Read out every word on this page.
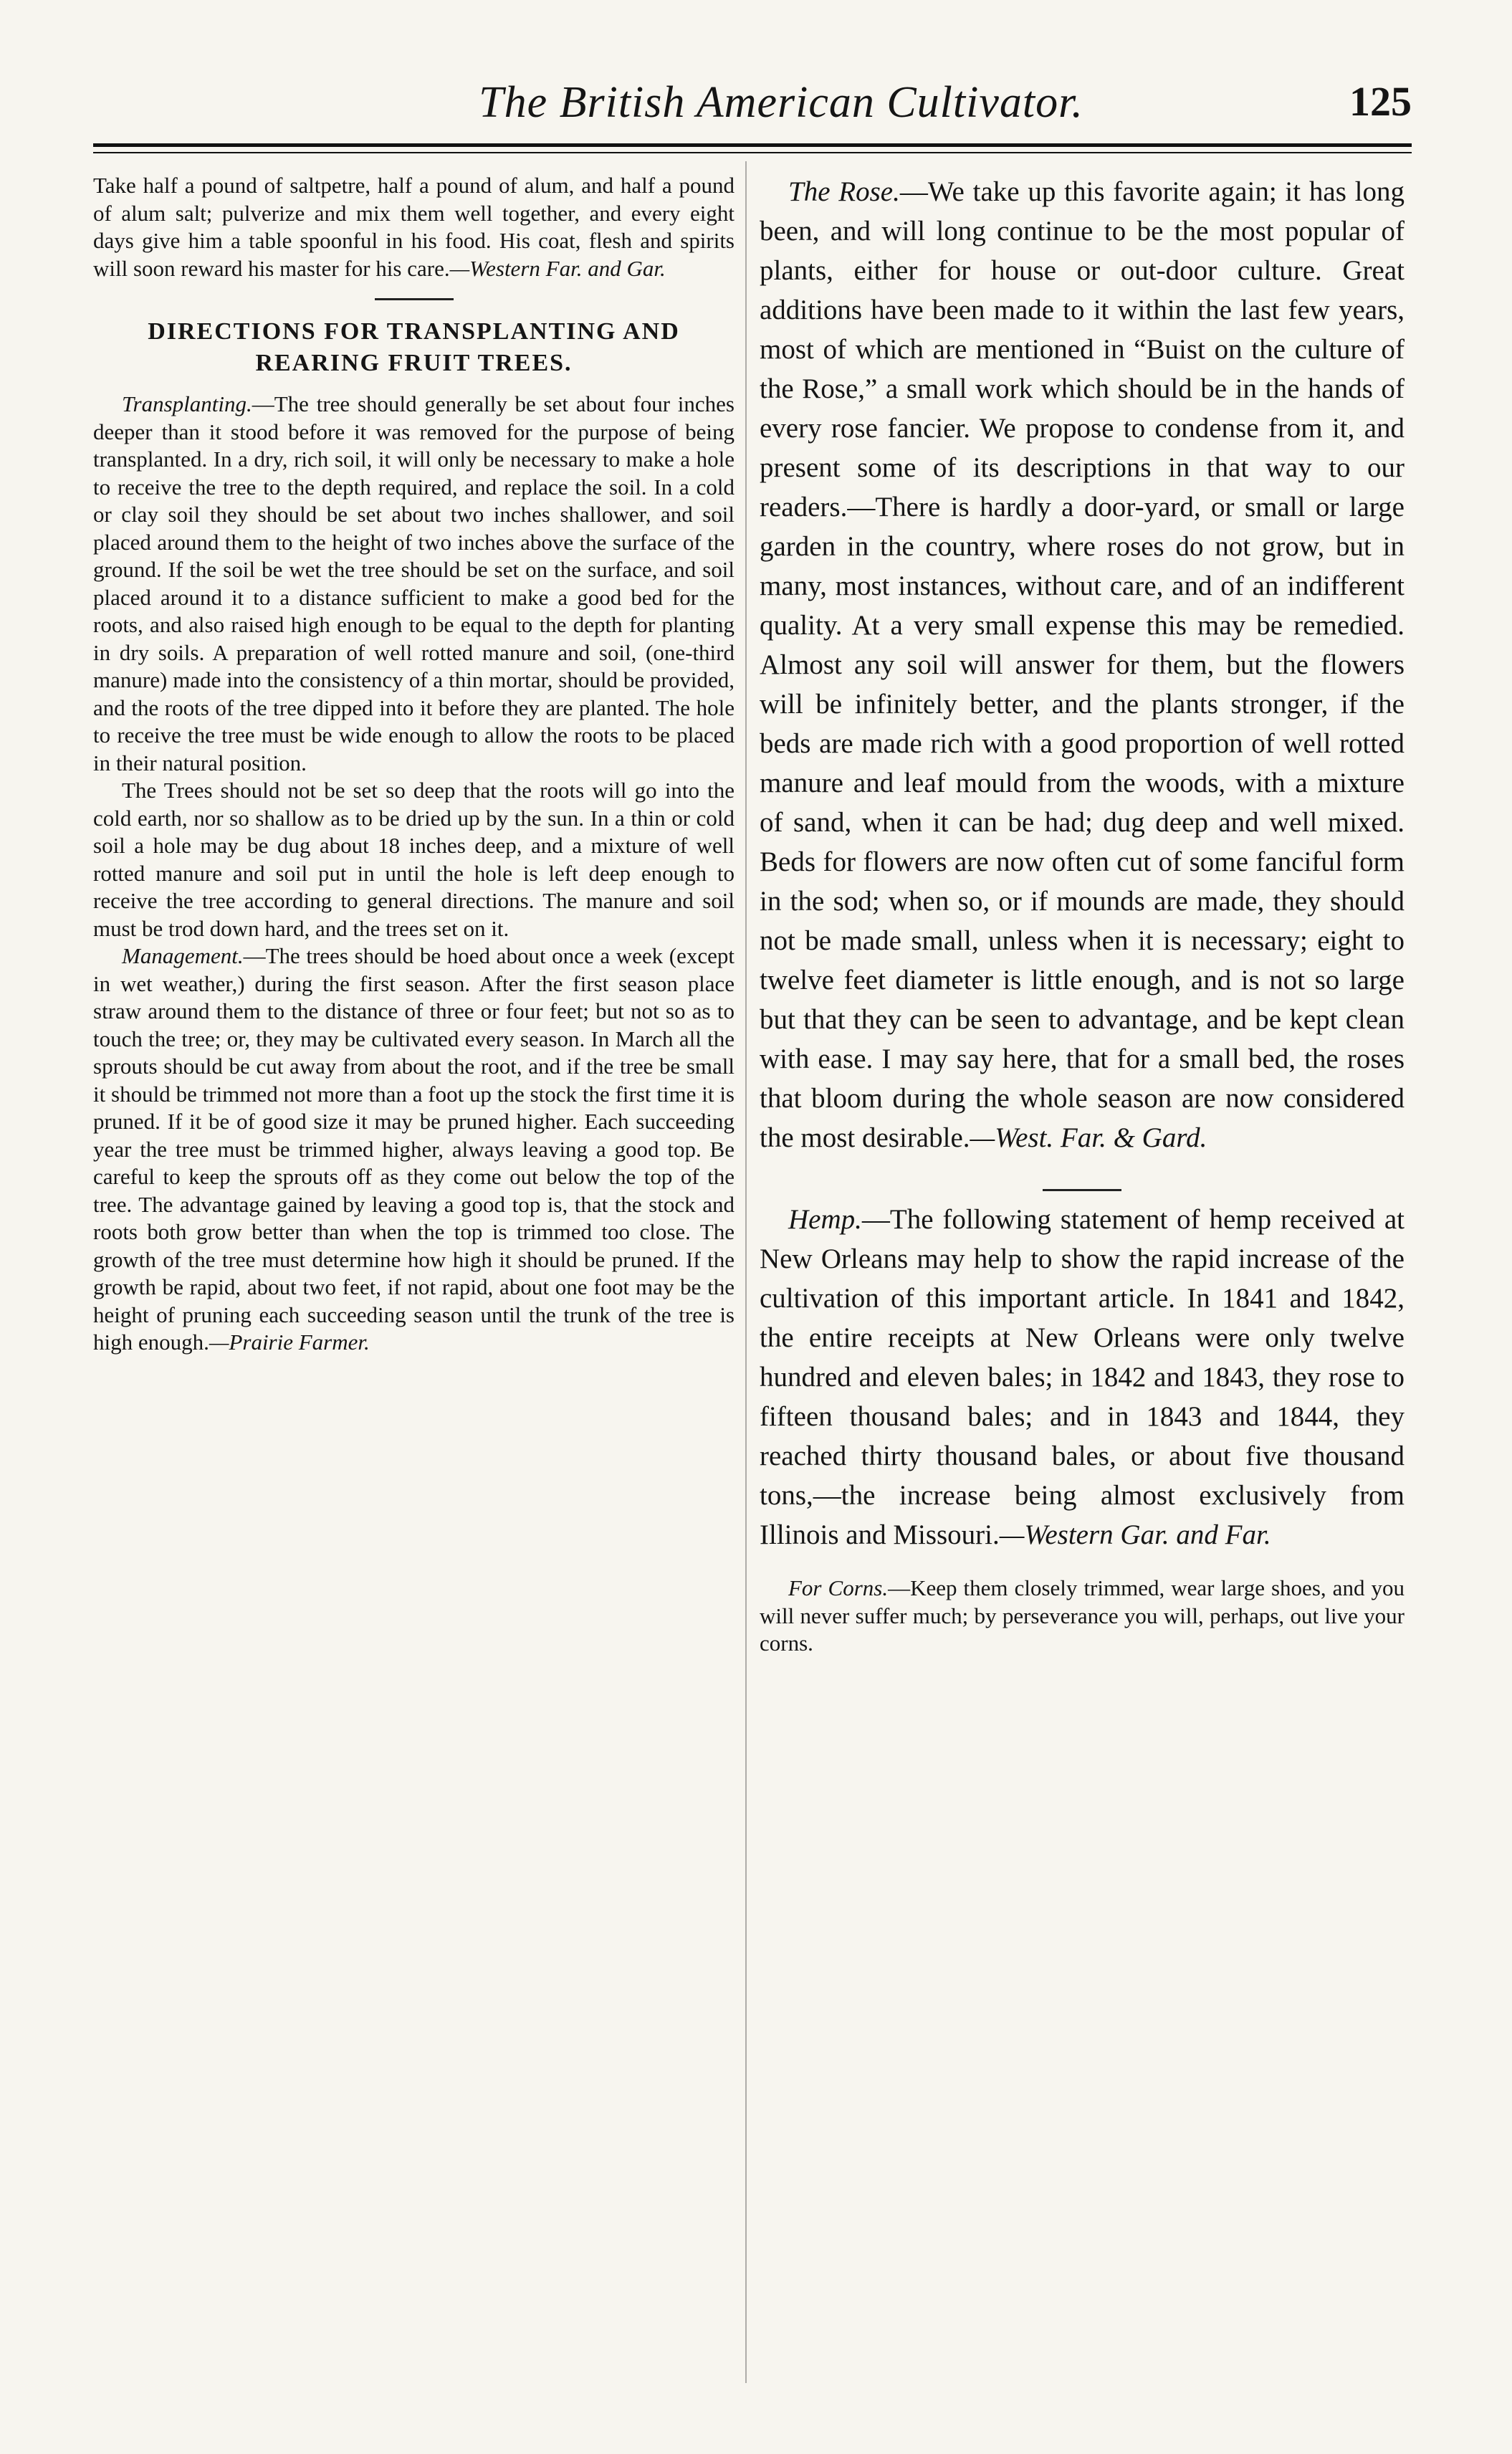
The British American Cultivator.	125

Take half a pound of saltpetre, half a pound of alum, and half a pound of alum salt; pulverize and mix them well together, and every eight days give him a table spoonful in his food. His coat, flesh and spirits will soon reward his master for his care.—Western Far. and Gar.

DIRECTIONS FOR TRANSPLANTING AND REARING FRUIT TREES.

Transplanting.—The tree should generally be set about four inches deeper than it stood before it was removed for the purpose of being transplanted. In a dry, rich soil, it will only be necessary to make a hole to receive the tree to the depth required, and replace the soil. In a cold or clay soil they should be set about two inches shallower, and soil placed around them to the height of two inches above the surface of the ground. If the soil be wet the tree should be set on the surface, and soil placed around it to a distance sufficient to make a good bed for the roots, and also raised high enough to be equal to the depth for planting in dry soils. A preparation of well rotted manure and soil, (one-third manure) made into the consistency of a thin mortar, should be provided, and the roots of the tree dipped into it before they are planted. The hole to receive the tree must be wide enough to allow the roots to be placed in their natural position.

The Trees should not be set so deep that the roots will go into the cold earth, nor so shallow as to be dried up by the sun. In a thin or cold soil a hole may be dug about 18 inches deep, and a mixture of well rotted manure and soil put in until the hole is left deep enough to receive the tree according to general directions. The manure and soil must be trod down hard, and the trees set on it.

Management.—The trees should be hoed about once a week (except in wet weather,) during the first season. After the first season place straw around them to the distance of three or four feet; but not so as to touch the tree; or, they may be cultivated every season. In March all the sprouts should be cut away from about the root, and if the tree be small it should be trimmed not more than a foot up the stock the first time it is pruned. If it be of good size it may be pruned higher. Each succeeding year the tree must be trimmed higher, always leaving a good top. Be careful to keep the sprouts off as they come out below the top of the tree. The advantage gained by leaving a good top is, that the stock and roots both grow better than when the top is trimmed too close. The growth of the tree must determine how high it should be pruned. If the growth be rapid, about two feet, if not rapid, about one foot may be the height of pruning each succeeding season until the trunk of the tree is high enough.—Prairie Farmer.

The Rose.—We take up this favorite again; it has long been, and will long continue to be the most popular of plants, either for house or out-door culture. Great additions have been made to it within the last few years, most of which are mentioned in “Buist on the culture of the Rose,” a small work which should be in the hands of every rose fancier. We propose to condense from it, and present some of its descriptions in that way to our readers.—There is hardly a door-yard, or small or large garden in the country, where roses do not grow, but in many, most instances, without care, and of an indifferent quality. At a very small expense this may be remedied. Almost any soil will answer for them, but the flowers will be infinitely better, and the plants stronger, if the beds are made rich with a good proportion of well rotted manure and leaf mould from the woods, with a mixture of sand, when it can be had; dug deep and well mixed. Beds for flowers are now often cut of some fanciful form in the sod; when so, or if mounds are made, they should not be made small, unless when it is necessary; eight to twelve feet diameter is little enough, and is not so large but that they can be seen to advantage, and be kept clean with ease. I may say here, that for a small bed, the roses that bloom during the whole season are now considered the most desirable.—West. Far. & Gard.

Hemp.—The following statement of hemp received at New Orleans may help to show the rapid increase of the cultivation of this important article. In 1841 and 1842, the entire receipts at New Orleans were only twelve hundred and eleven bales; in 1842 and 1843, they rose to fifteen thousand bales; and in 1843 and 1844, they reached thirty thousand bales, or about five thousand tons,—the increase being almost exclusively from Illinois and Missouri.—Western Gar. and Far.

For Corns.—Keep them closely trimmed, wear large shoes, and you will never suffer much; by perseverance you will, perhaps, out live your corns.
